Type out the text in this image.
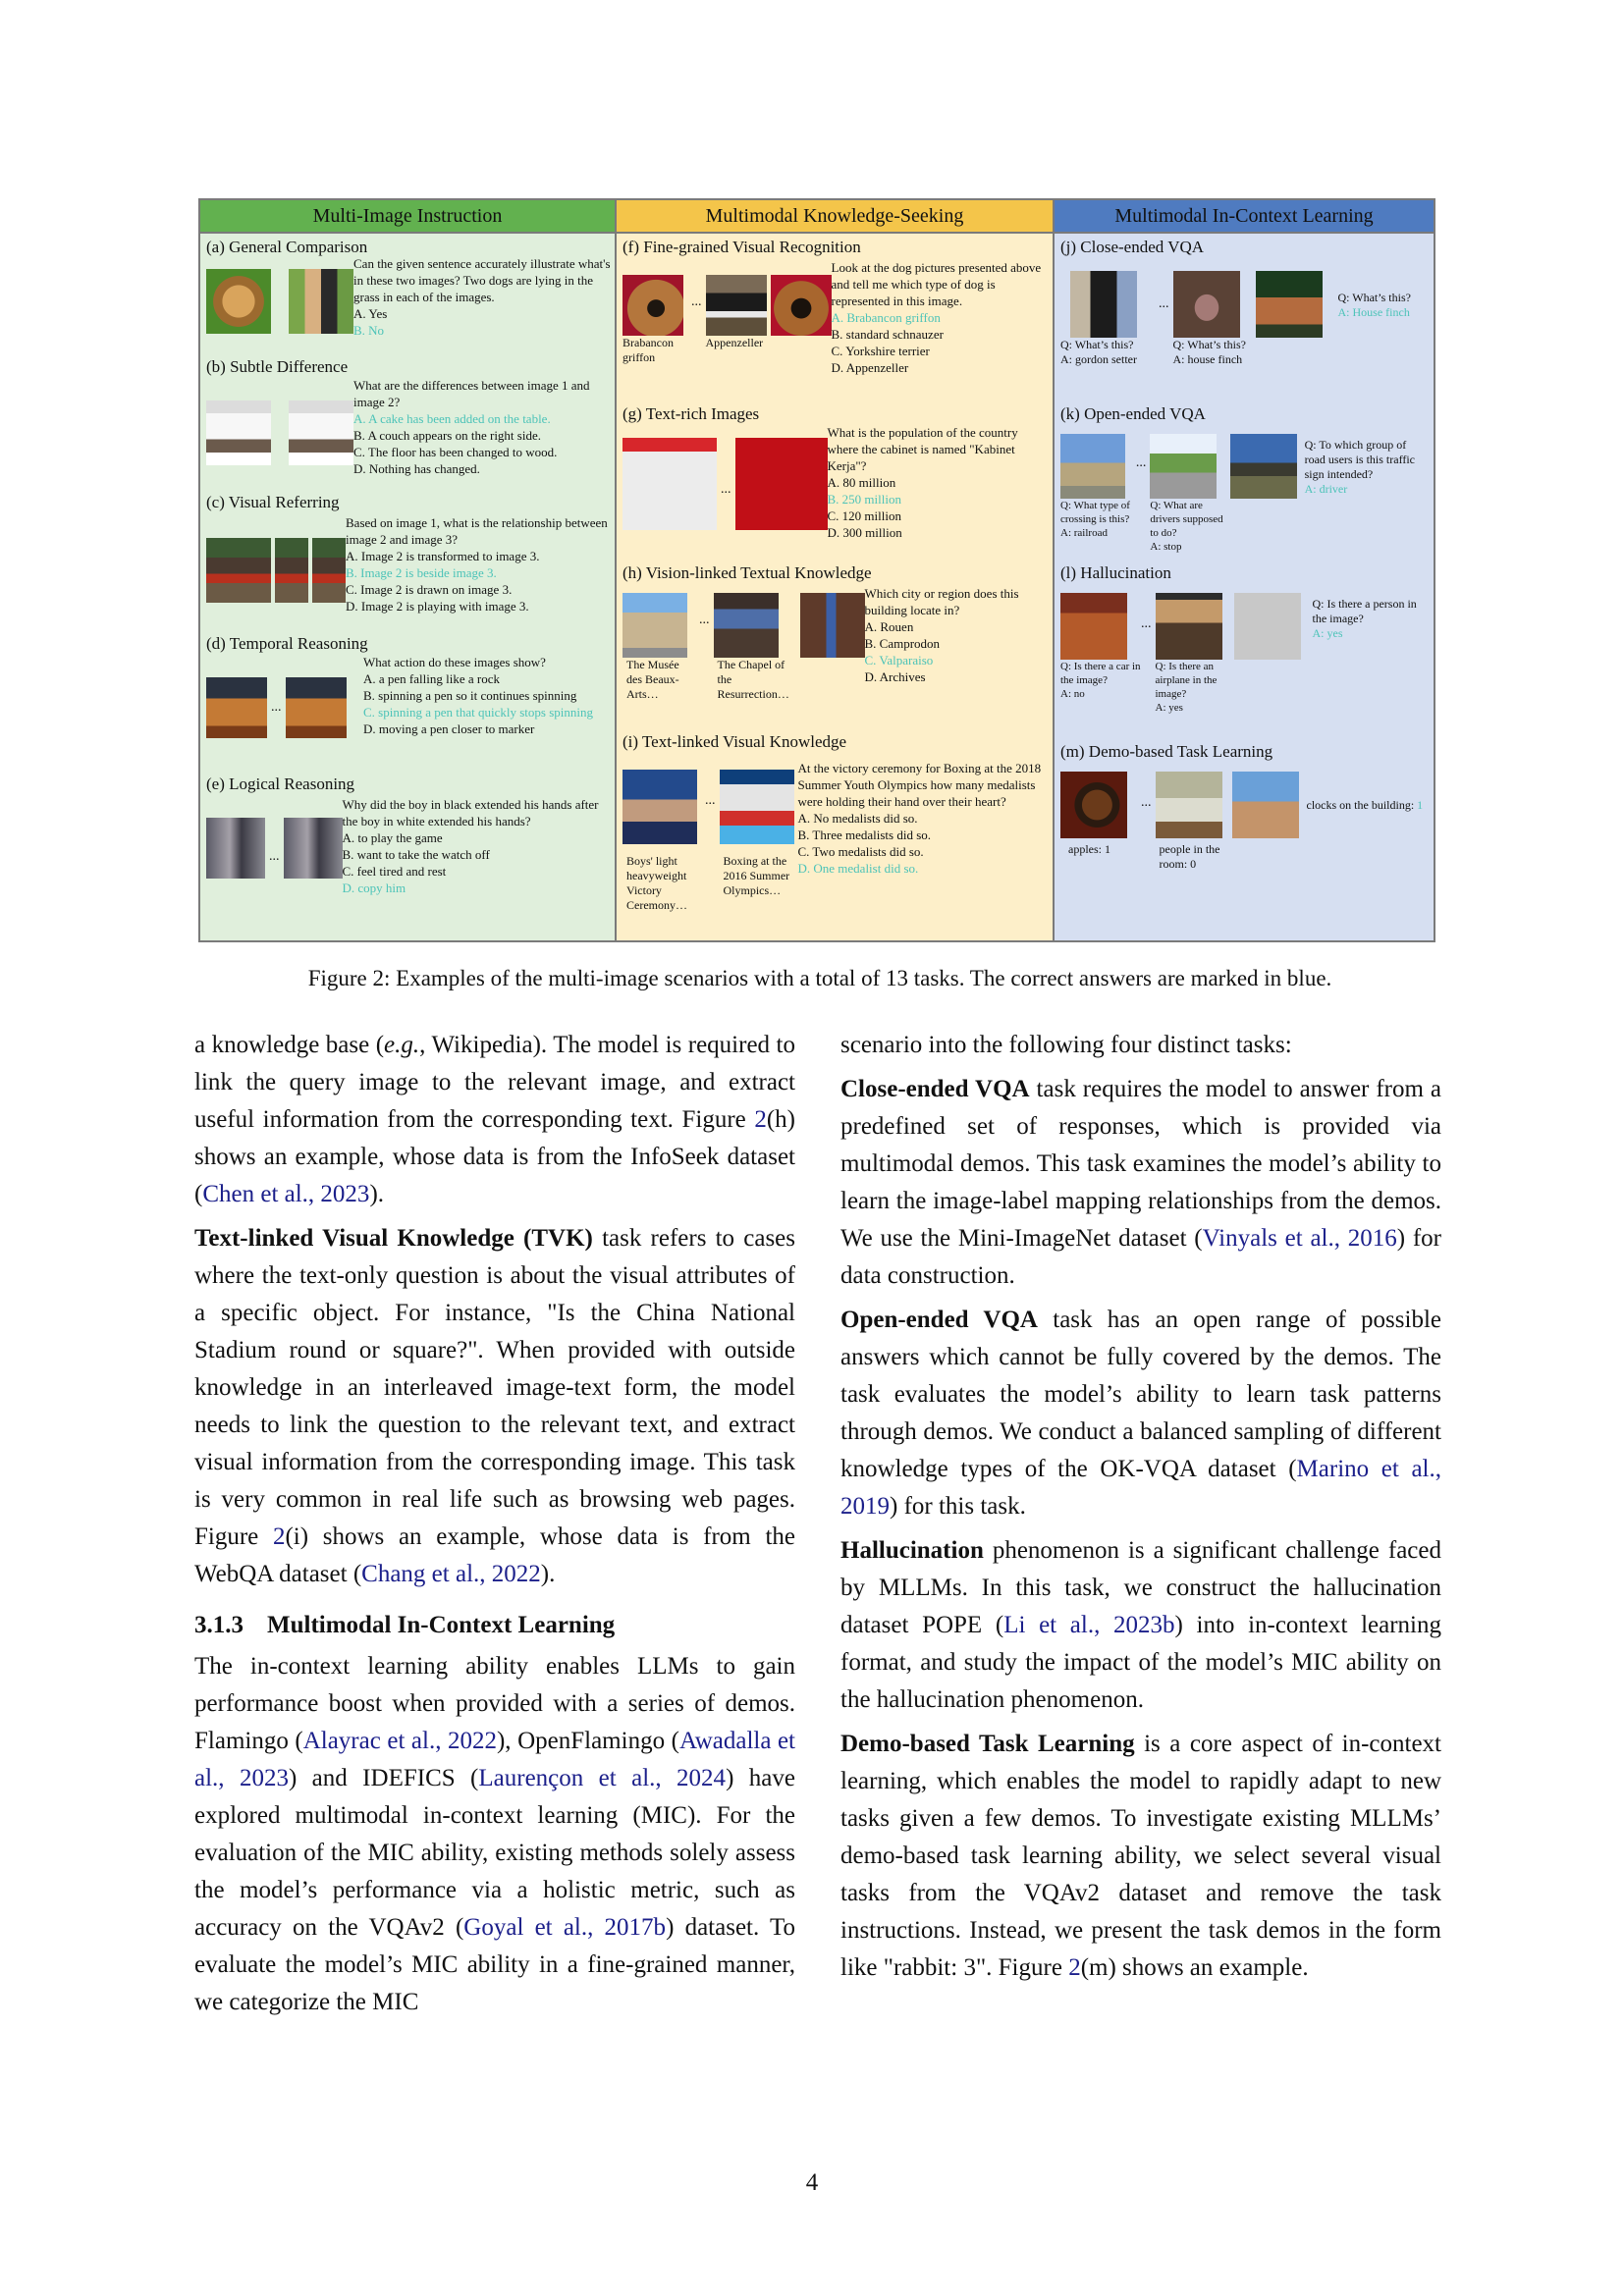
Multi-Image Instruction
(a) General Comparison
Can the given sentence accurately illustrate what's in these two images? Two dogs are lying in the grass in each of the images.
A. Yes
B. No
(b) Subtle Difference
What are the differences between image 1 and image 2?
A. A cake has been added on the table.
B. A couch appears on the right side.
C. The floor has been changed to wood.
D. Nothing has changed.
(c) Visual Referring
Based on image 1, what is the relationship between image 2 and image 3?
A. Image 2 is transformed to image 3.
B. Image 2 is beside image 3.
C. Image 2 is drawn on image 3.
D. Image 2 is playing with image 3.
(d) Temporal Reasoning
...
What action do these images show?
A. a pen falling like a rock
B. spinning a pen so it continues spinning
C. spinning a pen that quickly stops spinning
D. moving a pen closer to marker
(e) Logical Reasoning
...
Why did the boy in black extended his hands after the boy in white extended his hands?
A. to play the game
B. want to take the watch off
C. feel tired and rest
D. copy him
Multimodal Knowledge-Seeking
(f) Fine-grained Visual Recognition
Brabancon griffon
...
Appenzeller
Look at the dog pictures presented above and tell me which type of dog is represented in this image.
A. Brabancon griffon
B. standard schnauzer
C. Yorkshire terrier
D. Appenzeller
(g) Text-rich Images
...
What is the population of the country where the cabinet is named "Kabinet Kerja"?
A. 80 million
B. 250 million
C. 120 million
D. 300 million
(h) Vision-linked Textual Knowledge
The Musée des Beaux-Arts…
...
The Chapel of the Resurrection…
Which city or region does this building locate in?
A. Rouen
B. Camprodon
C. Valparaiso
D. Archives
(i) Text-linked Visual Knowledge
Boys' light heavyweight Victory Ceremony…
...
Boxing at the 2016 Summer Olympics…
At the victory ceremony for Boxing at the 2018 Summer Youth Olympics how many medalists were holding their hand over their heart?
A. No medalists did so.
B. Three medalists did so.
C. Two medalists did so.
D. One medalist did so.
Multimodal In-Context Learning
(j) Close-ended VQA
Q: What’s this?
A: gordon setter
...
Q: What’s this?
A: house finch
Q: What’s this?
A: House finch
(k) Open-ended VQA
Q: What type of crossing is this?
A: railroad
...
Q: What are drivers supposed to do?
A: stop
Q: To which group of road users is this traffic sign intended?
A: driver
(l) Hallucination
Q: Is there a car in the image?
A: no
...
Q: Is there an airplane in the image?
A: yes
Q: Is there a person in the image?
A: yes
(m) Demo-based Task Learning
apples: 1
...
people in the room: 0
clocks on the building: 1
Figure 2: Examples of the multi-image scenarios with a total of 13 tasks. The correct answers are marked in blue.

a knowledge base (e.g., Wikipedia). The model is required to link the query image to the relevant image, and extract useful information from the corresponding text. Figure 2(h) shows an example, whose data is from the InfoSeek dataset (Chen et al., 2023).

Text-linked Visual Knowledge (TVK) task refers to cases where the text-only question is about the visual attributes of a specific object. For instance, "Is the China National Stadium round or square?". When provided with outside knowledge in an interleaved image-text form, the model needs to link the question to the relevant text, and extract visual information from the corresponding image. This task is very common in real life such as browsing web pages. Figure 2(i) shows an example, whose data is from the WebQA dataset (Chang et al., 2022).

3.1.3 Multimodal In-Context Learning

The in-context learning ability enables LLMs to gain performance boost when provided with a series of demos. Flamingo (Alayrac et al., 2022), OpenFlamingo (Awadalla et al., 2023) and IDEFICS (Laurençon et al., 2024) have explored multimodal in-context learning (MIC). For the evaluation of the MIC ability, existing methods solely assess the model’s performance via a holistic metric, such as accuracy on the VQAv2 (Goyal et al., 2017b) dataset. To evaluate the model’s MIC ability in a fine-grained manner, we categorize the MIC

scenario into the following four distinct tasks:

Close-ended VQA task requires the model to answer from a predefined set of responses, which is provided via multimodal demos. This task examines the model’s ability to learn the image-label mapping relationships from the demos. We use the Mini-ImageNet dataset (Vinyals et al., 2016) for data construction.

Open-ended VQA task has an open range of possible answers which cannot be fully covered by the demos. The task evaluates the model’s ability to learn task patterns through demos. We conduct a balanced sampling of different knowledge types of the OK-VQA dataset (Marino et al., 2019) for this task.

Hallucination phenomenon is a significant challenge faced by MLLMs. In this task, we construct the hallucination dataset POPE (Li et al., 2023b) into in-context learning format, and study the impact of the model’s MIC ability on the hallucination phenomenon.

Demo-based Task Learning is a core aspect of in-context learning, which enables the model to rapidly adapt to new tasks given a few demos. To investigate existing MLLMs’ demo-based task learning ability, we select several visual tasks from the VQAv2 dataset and remove the task instructions. Instead, we present the task demos in the form like "rabbit: 3". Figure 2(m) shows an example.

4
